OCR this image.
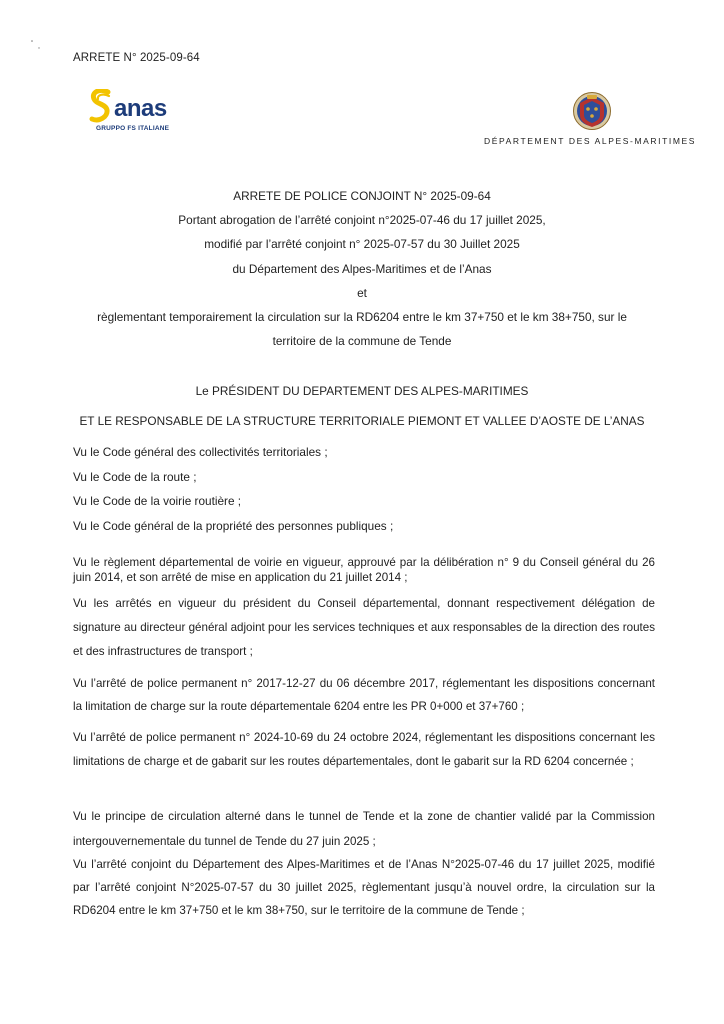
ARRETE N° 2025-09-64
anas
GRUPPO FS ITALIANE
DÉPARTEMENT DES ALPES-MARITIMES
ARRETE DE POLICE CONJOINT N° 2025-09-64
Portant abrogation de l’arrêté conjoint n°2025-07-46 du 17 juillet 2025,
modifié par l’arrêté conjoint n° 2025-07-57 du 30 Juillet 2025
du Département des Alpes-Maritimes et de l’Anas
et
règlementant temporairement la circulation sur la RD6204 entre le km 37+750 et le km 38+750, sur le
territoire de la commune de Tende
Le PRÉSIDENT DU DEPARTEMENT DES ALPES-MARITIMES
ET LE RESPONSABLE DE LA STRUCTURE TERRITORIALE PIEMONT ET VALLEE D’AOSTE DE L’ANAS
Vu le Code général des collectivités territoriales ;
Vu le Code de la route ;
Vu le Code de la voirie routière ;
Vu le Code général de la propriété des personnes publiques ;
Vu le règlement départemental de voirie en vigueur, approuvé par la délibération n° 9 du Conseil général du 26 juin 2014, et son arrêté de mise en application du 21 juillet 2014 ;
Vu les arrêtés en vigueur du président du Conseil départemental, donnant respectivement délégation de signature au directeur général adjoint pour les services techniques et aux responsables de la direction des routes et des infrastructures de transport ;
Vu l’arrêté de police permanent n° 2017-12-27 du 06 décembre 2017, réglementant les dispositions concernant la limitation de charge sur la route départementale 6204 entre les PR 0+000 et 37+760 ;
Vu l’arrêté de police permanent n° 2024-10-69 du 24 octobre 2024, réglementant les dispositions concernant les limitations de charge et de gabarit sur les routes départementales, dont le gabarit sur la RD 6204 concernée ;
Vu le principe de circulation alterné dans le tunnel de Tende et la zone de chantier validé par la Commission intergouvernementale du tunnel de Tende du 27 juin 2025 ;
Vu l’arrêté conjoint du Département des Alpes-Maritimes et de l’Anas N°2025-07-46 du 17 juillet 2025, modifié par l’arrêté conjoint N°2025-07-57 du 30 juillet 2025, règlementant jusqu’à nouvel ordre, la circulation sur la RD6204 entre le km 37+750 et le km 38+750, sur le territoire de la commune de Tende ;
